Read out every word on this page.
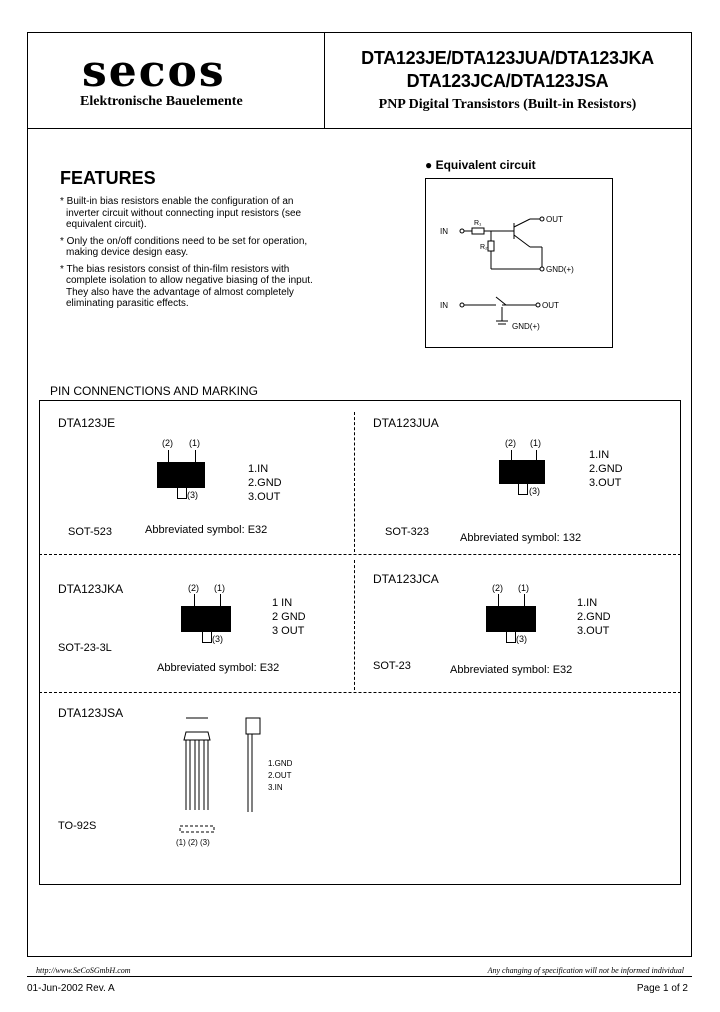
secos
Elektronische Bauelemente
DTA123JE/DTA123JUA/DTA123JKA
DTA123JCA/DTA123JSA
PNP Digital Transistors (Built-in Resistors)
FEATURES
* Built-in bias resistors enable the configuration of an inverter circuit without connecting input resistors (see equivalent circuit).
* Only the on/off conditions need to be set for operation, making device design easy.
* The bias resistors consist of thin-film resistors with complete isolation to allow negative biasing of the input. They also have the advantage of almost completely eliminating parasitic effects.
● Equivalent circuit
IN
R₁
R₂
OUT
GND(+)
IN	OUT
GND(+)
PIN CONNENCTIONS AND MARKING
DTA123JE
(2) (1)
(3)
1.IN
2.GND
3.OUT
SOT-523	Abbreviated symbol: E32
DTA123JUA
(2) (1)
(3)
1.IN
2.GND
3.OUT
SOT-323	Abbreviated symbol: 132
DTA123JKA	(2) (1)
(3)
1 IN
2 GND
3 OUT
SOT-23-3L
Abbreviated symbol: E32
DTA123JCA
(2) (1)
(3)
1.IN
2.GND
3.OUT
SOT-23	Abbreviated symbol: E32
DTA123JSA
1.GND
2.OUT
3.IN
TO-92S
(1) (2) (3)
http://www.SeCoSGmbH.com	Any changing of specification will not be informed individual
01-Jun-2002 Rev. A	Page 1 of 2
